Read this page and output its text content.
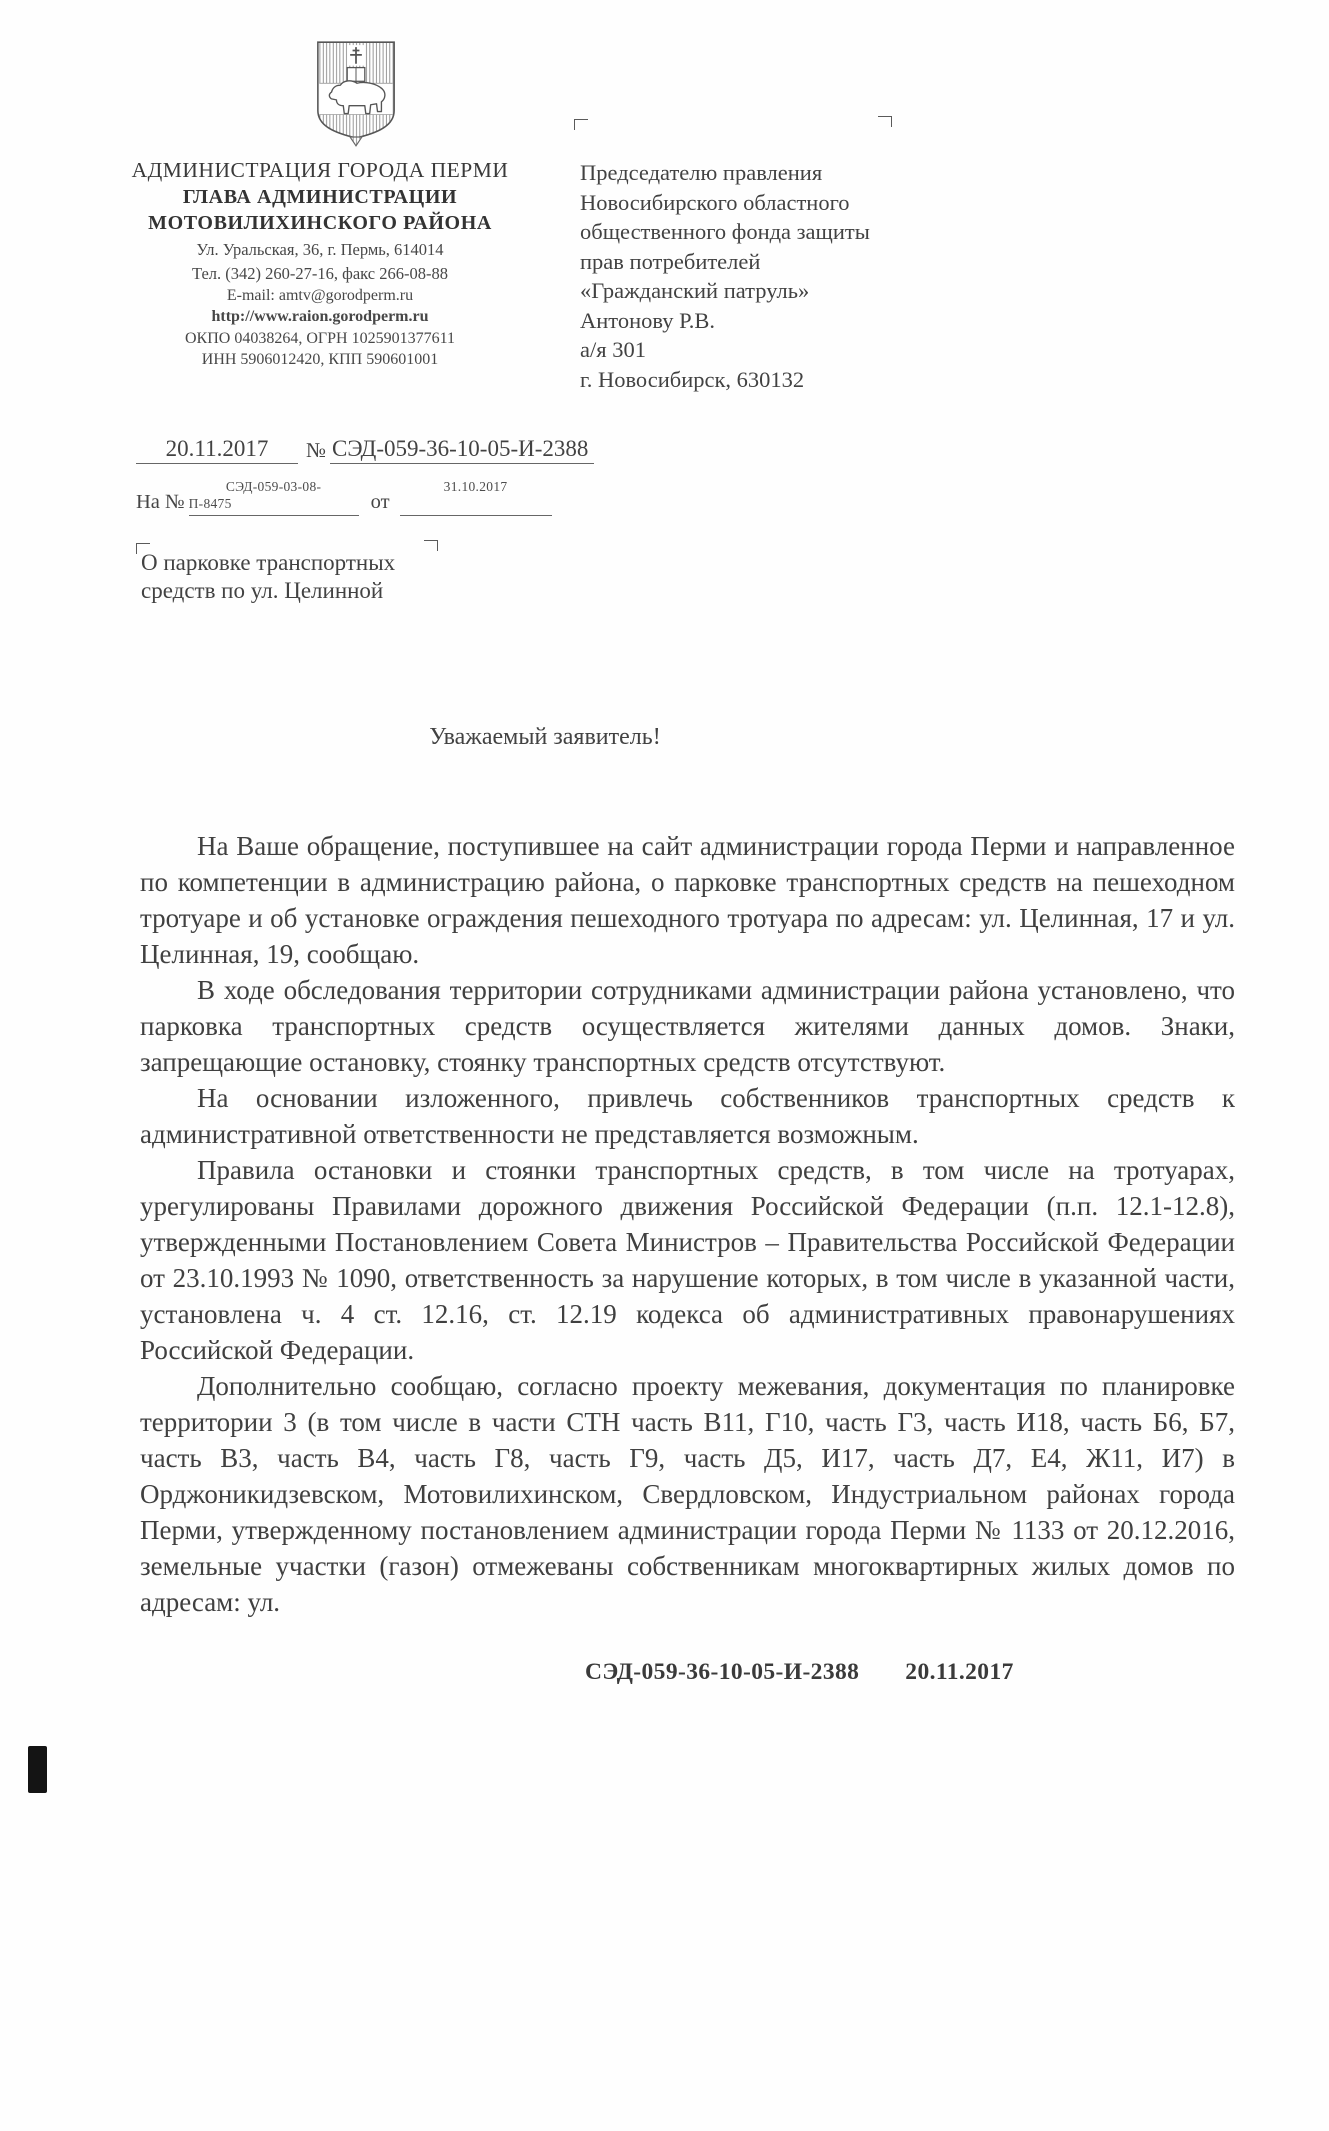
АДМИНИСТРАЦИЯ ГОРОДА ПЕРМИ
ГЛАВА АДМИНИСТРАЦИИ
МОТОВИЛИХИНСКОГО РАЙОНА
Ул. Уральская, 36, г. Пермь, 614014
Тел. (342) 260-27-16, факс 266-08-88
E-mail: amtv@gorodperm.ru
http://www.raion.gorodperm.ru
ОКПО 04038264, ОГРН 1025901377611
ИНН 5906012420, КПП 590601001
Председателю правления
Новосибирского областного
общественного фонда защиты
прав потребителей
«Гражданский патруль»
Антонову Р.В.
а/я 301
г. Новосибирск, 630132
20.11.2017	№ СЭД-059-36-10-05-И-2388
На №
СЭД-059-03-08-
П-8475	от
31.10.2017
О парковке транспортных средств по ул. Целинной
Уважаемый заявитель!

На Ваше обращение, поступившее на сайт администрации города Перми и направленное по компетенции в администрацию района, о парковке транспортных средств на пешеходном тротуаре и об установке ограждения пешеходного тротуара по адресам: ул. Целинная, 17 и ул. Целинная, 19, сообщаю.

В ходе обследования территории сотрудниками администрации района установлено, что парковка транспортных средств осуществляется жителями данных домов. Знаки, запрещающие остановку, стоянку транспортных средств отсутствуют.

На основании изложенного, привлечь собственников транспортных средств к административной ответственности не представляется возможным.

Правила остановки и стоянки транспортных средств, в том числе на тротуарах, урегулированы Правилами дорожного движения Российской Федерации (п.п. 12.1-12.8), утвержденными Постановлением Совета Министров – Правительства Российской Федерации от 23.10.1993 № 1090, ответственность за нарушение которых, в том числе в указанной части, установлена ч. 4 ст. 12.16, ст. 12.19 кодекса об административных правонарушениях Российской Федерации.

Дополнительно сообщаю, согласно проекту межевания, документация по планировке территории 3 (в том числе в части СТН часть В11, Г10, часть Г3, часть И18, часть Б6, Б7, часть В3, часть В4, часть Г8, часть Г9, часть Д5, И17, часть Д7, Е4, Ж11, И7) в Орджоникидзевском, Мотовилихинском, Свердловском, Индустриальном районах города Перми, утвержденному постановлением администрации города Перми № 1133 от 20.12.2016, земельные участки (газон) отмежеваны собственникам многоквартирных жилых домов по адресам: ул.

СЭД-059-36-10-05-И-2388 20.11.2017
